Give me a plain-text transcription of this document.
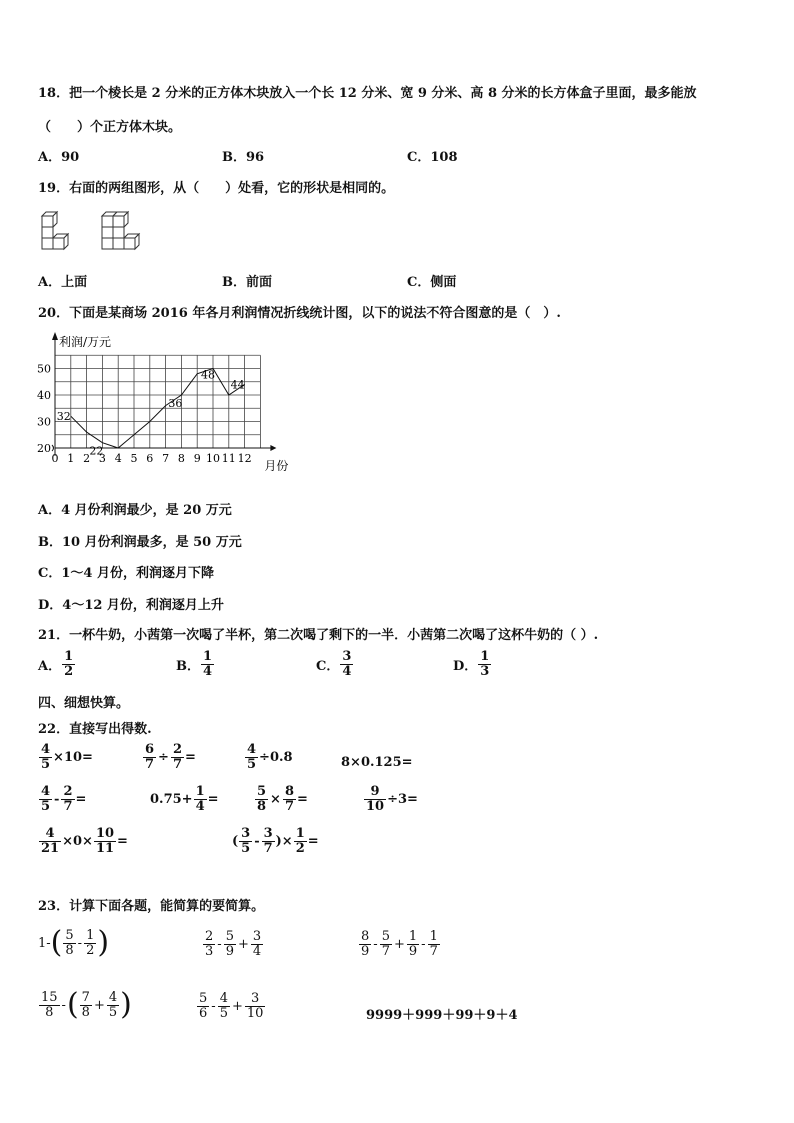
18．把一个棱长是 2 分米的正方体木块放入一个长 12 分米、宽 9 分米、高 8 分米的长方体盒子里面，最多能放
（　　）个正方体木块。
A．90	B．96	C．108
19．右面的两组图形，从（　　）处看，它的形状是相同的。
A．上面	B．前面	C．侧面
20．下面是某商场 2016 年各月利润情况折线统计图，以下的说法不符合图意的是（　）.
0 1 2 3 4 5 6 7 8 9 10 11 12
20
30
40
50
32
22
36
48
44
利润/万元
月份
A．4 月份利润最少，是 20 万元
B．10 月份利润最多，是 50 万元
C．1～4 月份，利润逐月下降
D．4～12 月份，利润逐月上升
21．一杯牛奶，小茜第一次喝了半杯，第二次喝了剩下的一半．小茜第二次喝了这杯牛奶的（ ）.
A． $\frac{1}{2}$	B． $\frac{1}{4}$	C． $\frac{3}{4}$	D． $\frac{1}{3}$
四、细想快算。
22．直接写出得数.
$\frac{4}{5} \times 10=$	$\frac{6}{7} \div \frac{2}{7}$ =	$\frac{4}{5} \div 0.8$	8×0.125=
$\frac{4}{5} - \frac{2}{7}$ =	$0.75+ \frac{1}{4}$ =	$\frac{5}{8} \times \frac{8}{7}$ =	$\frac{9}{10} \div 3=$
$\frac{4}{21} \times 0\times \frac{10}{11}$ =	( $\frac{3}{5} - \frac{3}{7}$ )× $\frac{1}{2}$ =
23．计算下面各题，能简算的要简算。
1- ( $\frac{5}{8} - \frac{1}{2}$ )	$\frac{2}{3} - \frac{5}{9} + \frac{3}{4}$	$\frac{8}{9} - \frac{5}{7} + \frac{1}{9} - \frac{1}{7}$
$\frac{15}{8}$ - ( $\frac{7}{8} + \frac{4}{5}$ )	$\frac{5}{6} - \frac{4}{5} + \frac{3}{10}$	9999＋999＋99＋9＋4
